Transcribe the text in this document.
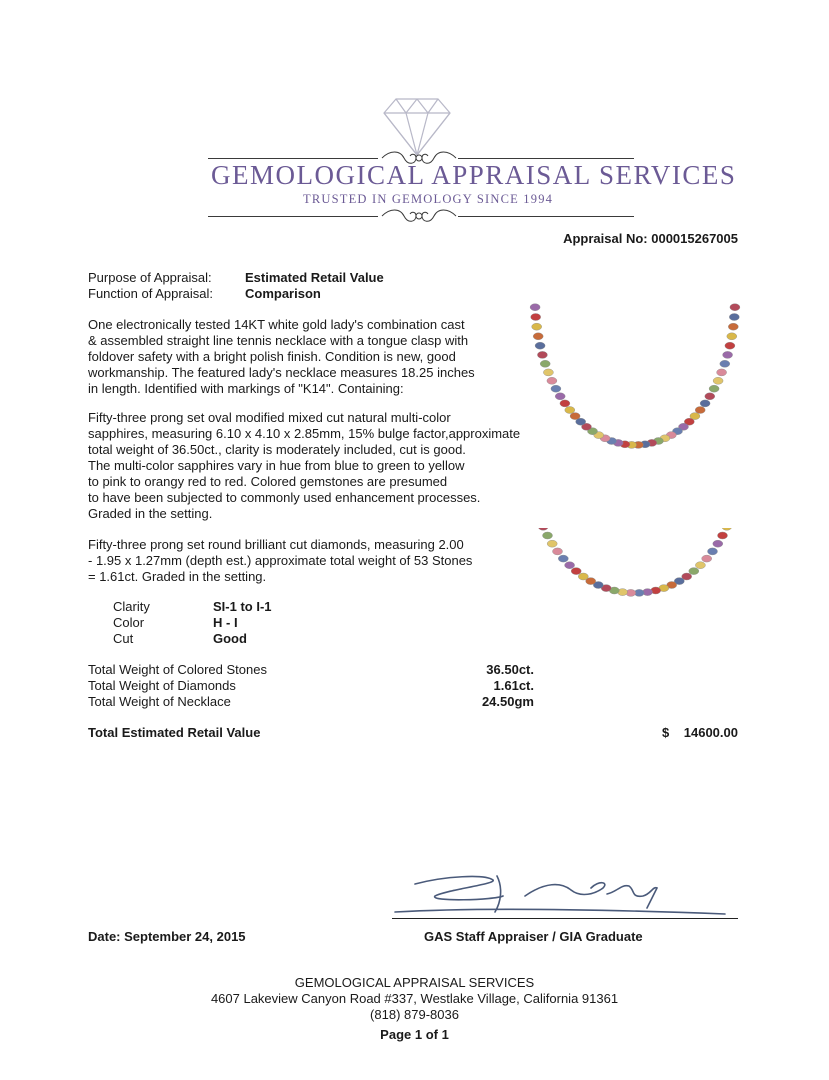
GEMOLOGICAL APPRAISAL SERVICES
TRUSTED IN GEMOLOGY SINCE 1994
Appraisal No: 000015267005
Purpose of Appraisal:	Estimated Retail Value
Function of Appraisal: Comparison
One electronically tested 14KT white gold lady's combination cast
& assembled straight line tennis necklace with a tongue clasp with
foldover safety with a bright polish finish. Condition is new, good
workmanship. The featured lady's necklace measures 18.25 inches
in length. Identified with markings of "K14". Containing:
Fifty-three prong set oval modified mixed cut natural multi-color
sapphires, measuring 6.10 x 4.10 x 2.85mm, 15% bulge factor,approximate
total weight of 36.50ct., clarity is moderately included, cut is good.
The multi-color sapphires vary in hue from blue to green to yellow
to pink to orangy red to red. Colored gemstones are presumed
to have been subjected to commonly used enhancement processes.
Graded in the setting.
Fifty-three prong set round brilliant cut diamonds, measuring 2.00
- 1.95 x 1.27mm (depth est.) approximate total weight of 53 Stones
= 1.61ct. Graded in the setting.
Clarity	SI-1 to I-1
Color	H - I
Cut	Good
Total Weight of Colored Stones	36.50ct.
Total Weight of Diamonds	1.61ct.
Total Weight of Necklace	24.50gm
Total Estimated Retail Value	$ 14600.00
Date: September 24, 2015	GAS Staff Appraiser / GIA Graduate
GEMOLOGICAL APPRAISAL SERVICES
4607 Lakeview Canyon Road #337, Westlake Village, California 91361
(818) 879-8036
Page 1 of 1
